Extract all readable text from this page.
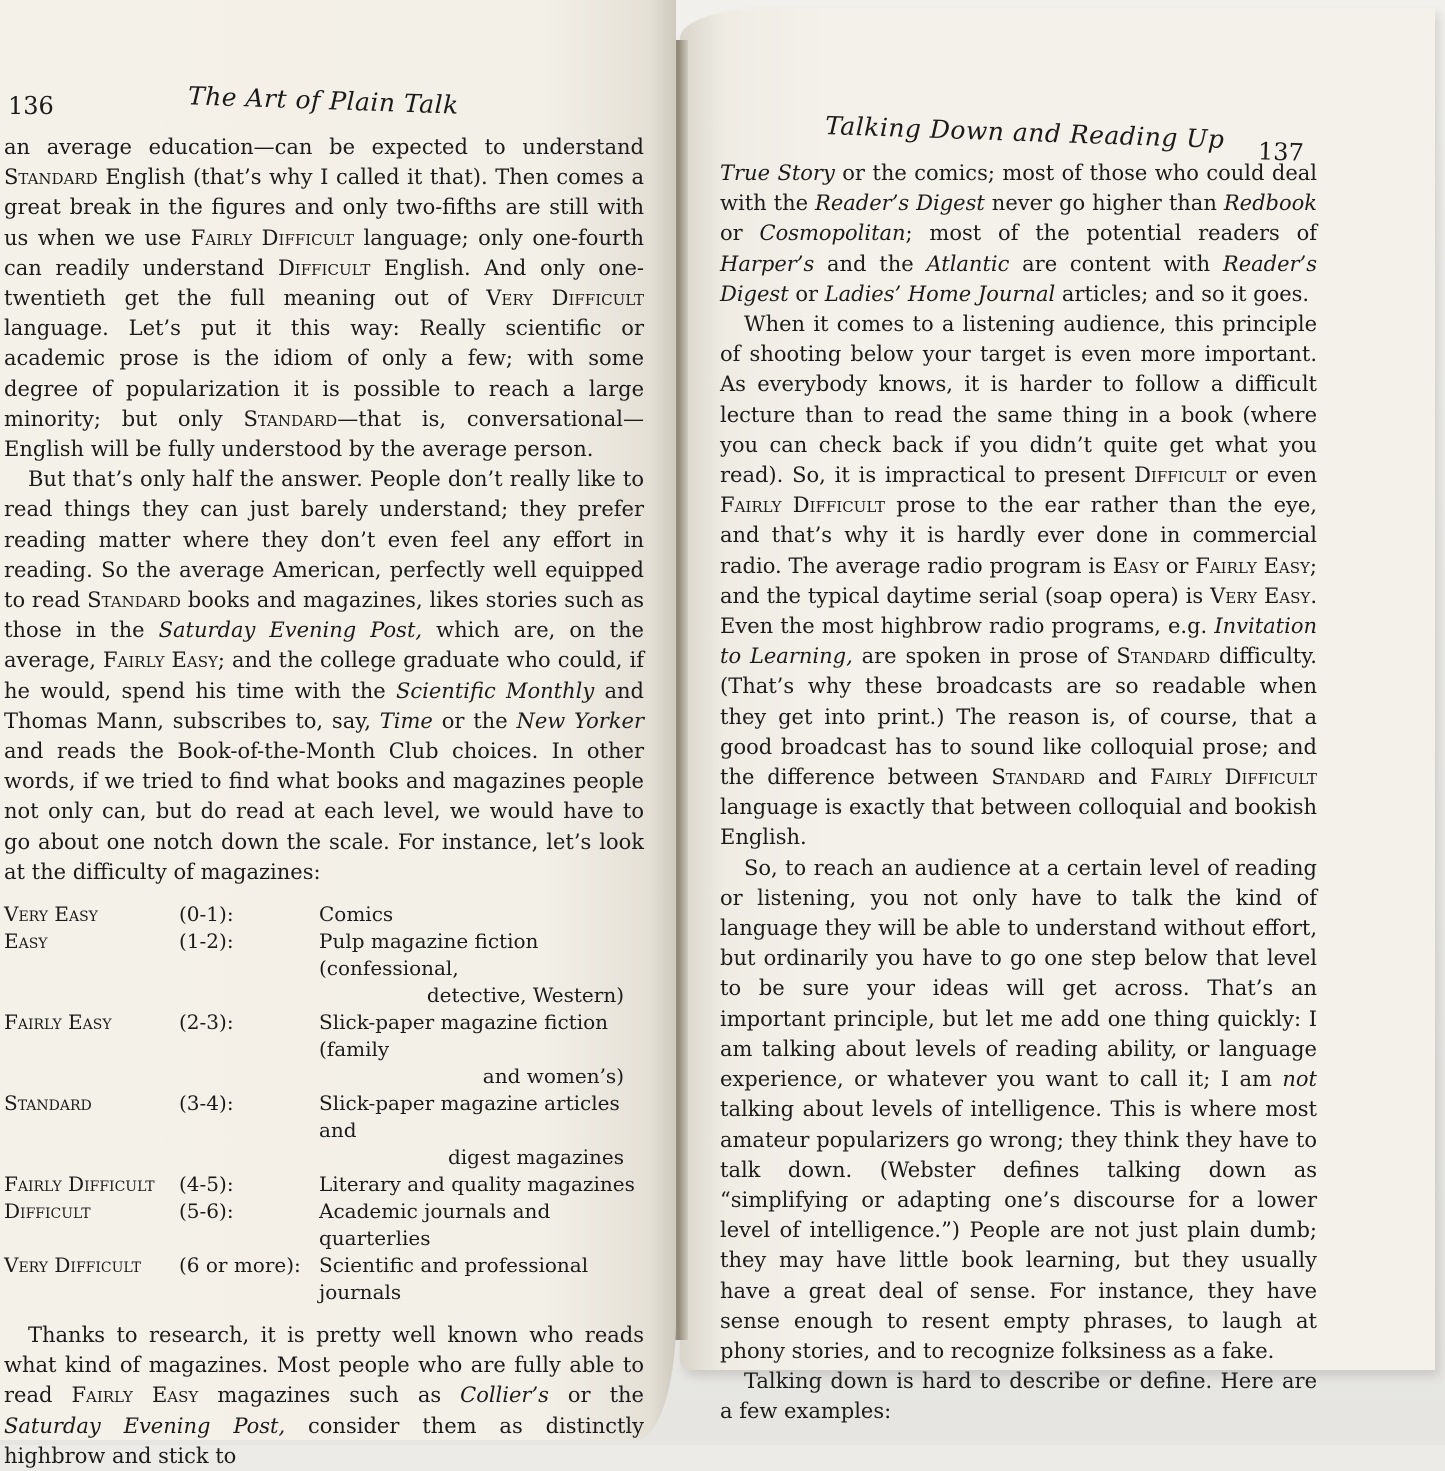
Talking Down and Reading Up 137

True Story or the comics; most of those who could deal with the Reader’s Digest never go higher than Redbook or Cosmopolitan; most of the potential readers of Harper’s and the Atlantic are content with Reader’s Digest or Ladies’ Home Journal articles; and so it goes.

When it comes to a listening audience, this principle of shooting below your target is even more important. As everybody knows, it is harder to follow a difficult lecture than to read the same thing in a book (where you can check back if you didn’t quite get what you read). So, it is impractical to present Difficult or even Fairly Difficult prose to the ear rather than the eye, and that’s why it is hardly ever done in commercial radio. The average radio program is Easy or Fairly Easy; and the typical daytime serial (soap opera) is Very Easy. Even the most highbrow radio programs, e.g. Invitation to Learning, are spoken in prose of Standard difficulty. (That’s why these broadcasts are so readable when they get into print.) The reason is, of course, that a good broadcast has to sound like colloquial prose; and the difference between Standard and Fairly Difficult language is exactly that between colloquial and bookish English.

So, to reach an audience at a certain level of reading or listening, you not only have to talk the kind of language they will be able to understand without effort, but ordinarily you have to go one step below that level to be sure your ideas will get across. That’s an important principle, but let me add one thing quickly: I am talking about levels of reading ability, or language experience, or whatever you want to call it; I am not talking about levels of intelligence. This is where most amateur popularizers go wrong; they think they have to talk down. (Webster defines talking down as “simplifying or adapting one’s discourse for a lower level of intelligence.”) People are not just plain dumb; they may have little book learning, but they usually have a great deal of sense. For instance, they have sense enough to resent empty phrases, to laugh at phony stories, and to recognize folksiness as a fake.

Talking down is hard to describe or define. Here are a few examples:

136	The Art of Plain Talk

an average education—can be expected to understand Standard English (that’s why I called it that). Then comes a great break in the figures and only two-fifths are still with us when we use Fairly Difficult language; only one-fourth can readily understand Difficult English. And only one-twentieth get the full meaning out of Very Difficult language. Let’s put it this way: Really scientific or academic prose is the idiom of only a few; with some degree of popularization it is possible to reach a large minority; but only Standard—that is, conversational—English will be fully understood by the average person.

But that’s only half the answer. People don’t really like to read things they can just barely understand; they prefer reading matter where they don’t even feel any effort in reading. So the average American, perfectly well equipped to read Standard books and magazines, likes stories such as those in the Saturday Evening Post, which are, on the average, Fairly Easy; and the college graduate who could, if he would, spend his time with the Scientific Monthly and Thomas Mann, subscribes to, say, Time or the New Yorker and reads the Book-of-the-Month Club choices. In other words, if we tried to find what books and magazines people not only can, but do read at each level, we would have to go about one notch down the scale. For instance, let’s look at the difficulty of magazines:

Very Easy	(0-1):	Comics
Easy	(1-2):	Pulp magazine fiction (confessional,
detective, Western)
Fairly Easy	(2-3):	Slick-paper magazine fiction (family
and women’s)
Standard	(3-4):	Slick-paper magazine articles and
digest magazines
Fairly Difficult	(4-5):	Literary and quality magazines
Difficult	(5-6):	Academic journals and quarterlies
Very Difficult	(6 or more): Scientific and professional journals

Thanks to research, it is pretty well known who reads what kind of magazines. Most people who are fully able to read Fairly Easy magazines such as Collier’s or the Saturday Evening Post, consider them as distinctly highbrow and stick to
